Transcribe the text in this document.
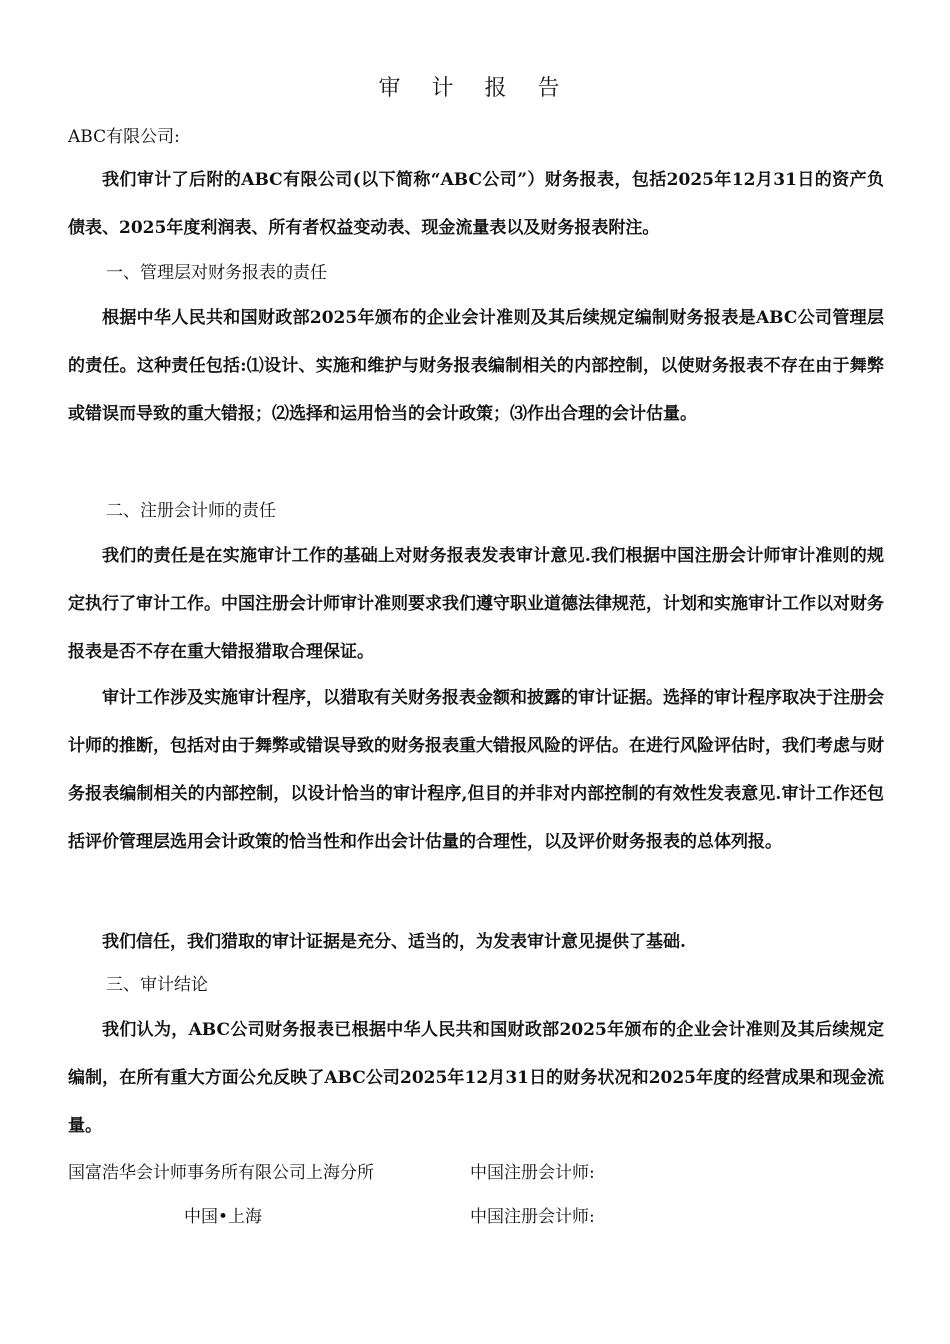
审 计 报 告
ABC有限公司:

我们审计了后附的ABC有限公司(以下简称“ABC公司”）财务报表，包括2025年12月31日的资产负债表、2025年度利润表、所有者权益变动表、现金流量表以及财务报表附注。

一、管理层对财务报表的责任

根据中华人民共和国财政部2025年颁布的企业会计准则及其后续规定编制财务报表是ABC公司管理层的责任。这种责任包括:⑴设计、实施和维护与财务报表编制相关的内部控制，以使财务报表不存在由于舞弊或错误而导致的重大错报；⑵选择和运用恰当的会计政策；⑶作出合理的会计估量。

二、注册会计师的责任

我们的责任是在实施审计工作的基础上对财务报表发表审计意见.我们根据中国注册会计师审计准则的规定执行了审计工作。中国注册会计师审计准则要求我们遵守职业道德法律规范，计划和实施审计工作以对财务报表是否不存在重大错报猎取合理保证。

审计工作涉及实施审计程序，以猎取有关财务报表金额和披露的审计证据。选择的审计程序取决于注册会计师的推断，包括对由于舞弊或错误导致的财务报表重大错报风险的评估。在进行风险评估时，我们考虑与财务报表编制相关的内部控制，以设计恰当的审计程序,但目的并非对内部控制的有效性发表意见.审计工作还包括评价管理层选用会计政策的恰当性和作出会计估量的合理性，以及评价财务报表的总体列报。

我们信任，我们猎取的审计证据是充分、适当的，为发表审计意见提供了基础.

三、审计结论

我们认为，ABC公司财务报表已根据中华人民共和国财政部2025年颁布的企业会计准则及其后续规定编制，在所有重大方面公允反映了ABC公司2025年12月31日的财务状况和2025年度的经营成果和现金流量。

国富浩华会计师事务所有限公司上海分所	中国注册会计师:
中国•上海	中国注册会计师:
